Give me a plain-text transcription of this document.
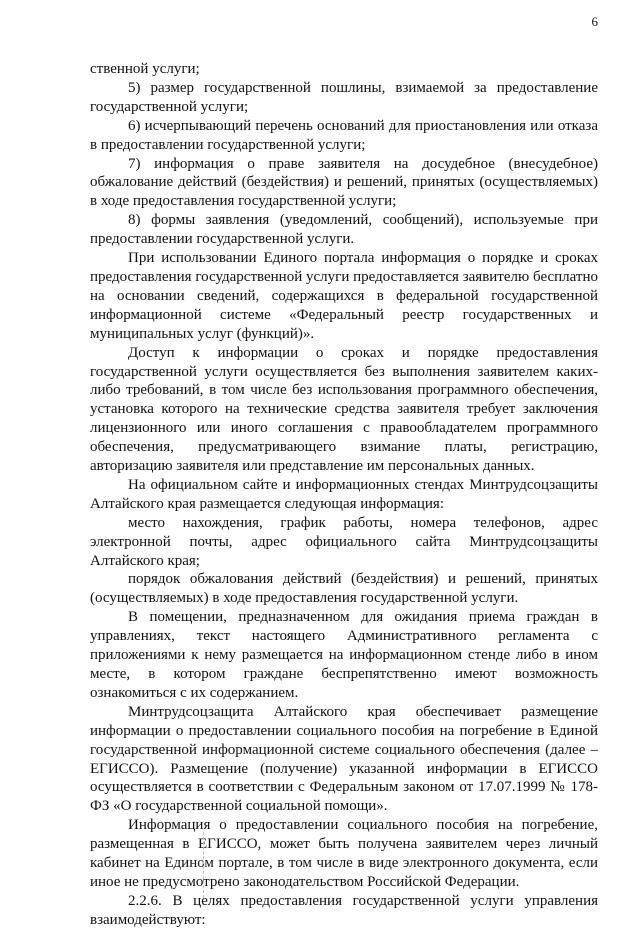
6

ственной услуги;

5) размер государственной пошлины, взимаемой за предоставление государственной услуги;

6) исчерпывающий перечень оснований для приостановления или отказа в предоставлении государственной услуги;

7) информация о праве заявителя на досудебное (внесудебное) обжалование действий (бездействия) и решений, принятых (осуществляемых) в ходе предоставления государственной услуги;

8) формы заявления (уведомлений, сообщений), используемые при предоставлении государственной услуги.

При использовании Единого портала информация о порядке и сроках предоставления государственной услуги предоставляется заявителю бесплатно на основании сведений, содержащихся в федеральной государственной информационной системе «Федеральный реестр государственных и муниципальных услуг (функций)».

Доступ к информации о сроках и порядке предоставления государственной услуги осуществляется без выполнения заявителем каких-либо требований, в том числе без использования программного обеспечения, установка которого на технические средства заявителя требует заключения лицензионного или иного соглашения с правообладателем программного обеспечения, предусматривающего взимание платы, регистрацию, авторизацию заявителя или представление им персональных данных.

На официальном сайте и информационных стендах Минтрудсоцзащиты Алтайского края размещается следующая информация:

место нахождения, график работы, номера телефонов, адрес электронной почты, адрес официального сайта Минтрудсоцзащиты Алтайского края;

порядок обжалования действий (бездействия) и решений, принятых (осуществляемых) в ходе предоставления государственной услуги.

В помещении, предназначенном для ожидания приема граждан в управлениях, текст настоящего Административного регламента с приложениями к нему размещается на информационном стенде либо в ином месте, в котором граждане беспрепятственно имеют возможность ознакомиться с их содержанием.

Минтрудсоцзащита Алтайского края обеспечивает размещение информации о предоставлении социального пособия на погребение в Единой государственной информационной системе социального обеспечения (далее – ЕГИССО). Размещение (получение) указанной информации в ЕГИССО осуществляется в соответствии с Федеральным законом от 17.07.1999 № 178-ФЗ «О государственной социальной помощи».

Информация о предоставлении социального пособия на погребение, размещенная в ЕГИССО, может быть получена заявителем через личный кабинет на Едином портале, в том числе в виде электронного документа, если иное не предусмотрено законодательством Российской Федерации.

2.2.6. В целях предоставления государственной услуги управления взаимодействуют:
